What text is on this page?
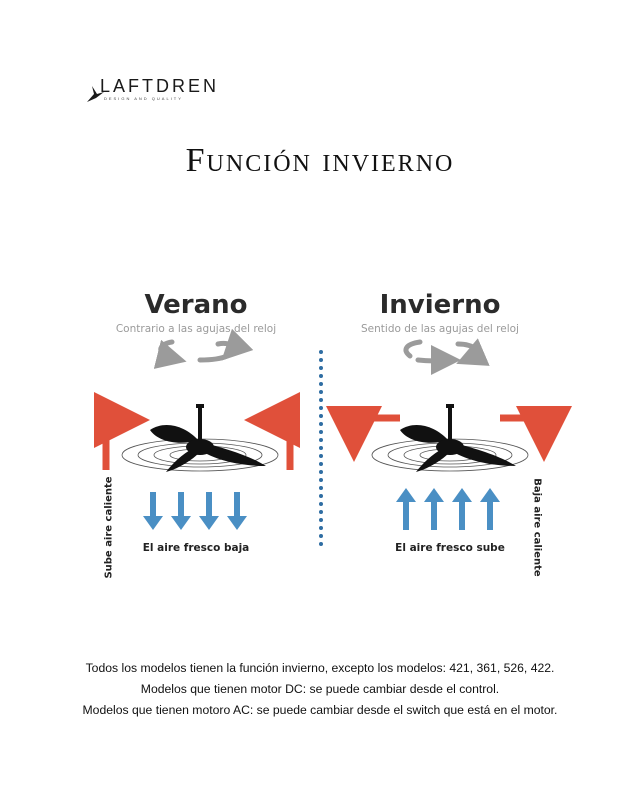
LAFTDREN
DESIGN AND QUALITY
Función invierno
Verano
Contrario a las agujas del reloj
Invierno
Sentido de las agujas del reloj
El aire fresco baja	El aire fresco sube
Sube aire caliente	Baja aire caliente
Todos los modelos tienen la función invierno, excepto los modelos: 421, 361, 526, 422.
Modelos que tienen motor DC: se puede cambiar desde el control.
Modelos que tienen motoro AC: se puede cambiar desde el switch que está en el motor.
